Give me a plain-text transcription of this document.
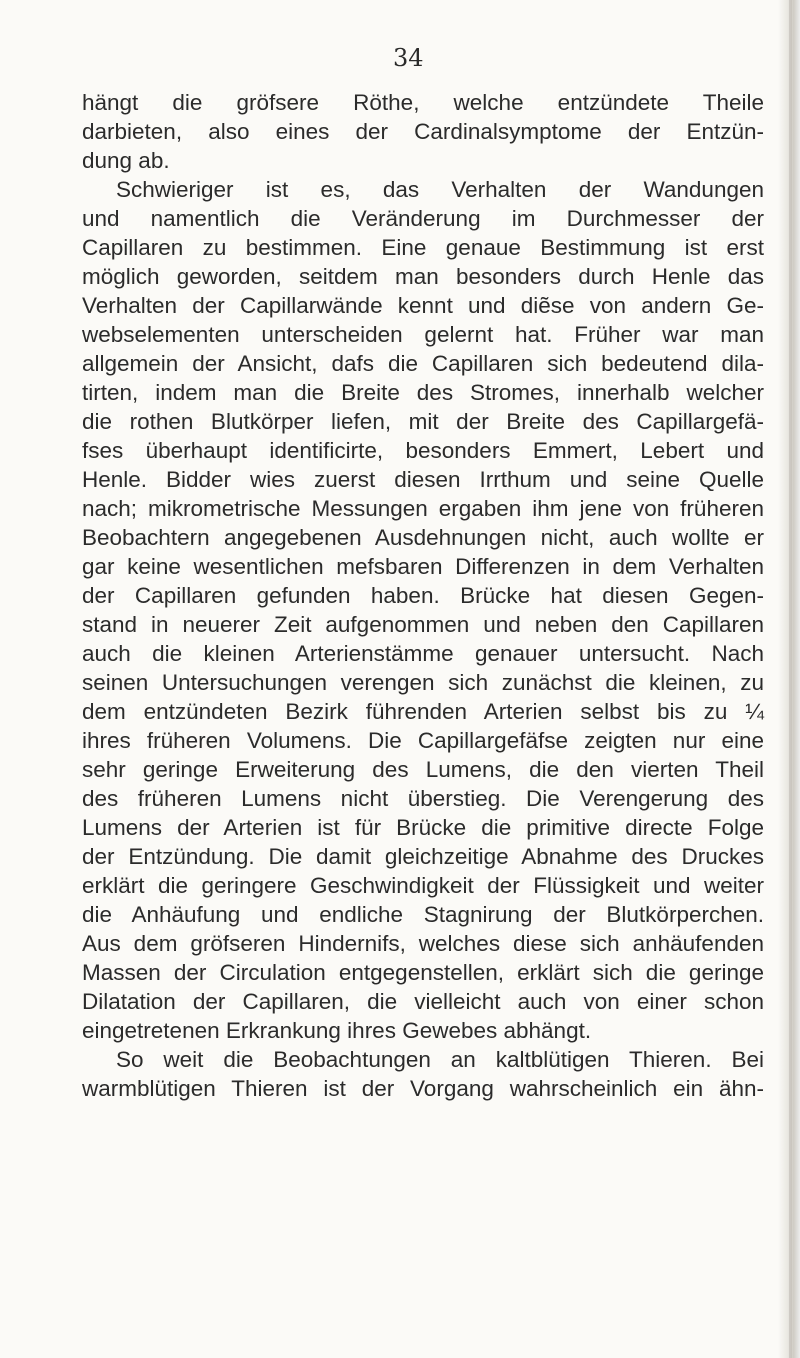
34
hängt die gröfsere Röthe, welche entzündete Theile
darbieten, also eines der Cardinalsymptome der Entzün-
dung ab.
Schwieriger ist es, das Verhalten der Wandungen
und namentlich die Veränderung im Durchmesser der
Capillaren zu bestimmen. Eine genaue Bestimmung ist erst
möglich geworden, seitdem man besonders durch Henle das
Verhalten der Capillarwände kennt und diẽse von andern Ge-
webselementen unterscheiden gelernt hat. Früher war man
allgemein der Ansicht, dafs die Capillaren sich bedeutend dila-
tirten, indem man die Breite des Stromes, innerhalb welcher
die rothen Blutkörper liefen, mit der Breite des Capillargefä-
fses überhaupt identificirte, besonders Emmert, Lebert und
Henle. Bidder wies zuerst diesen Irrthum und seine Quelle
nach; mikrometrische Messungen ergaben ihm jene von früheren
Beobachtern angegebenen Ausdehnungen nicht, auch wollte er
gar keine wesentlichen mefsbaren Differenzen in dem Verhalten
der Capillaren gefunden haben. Brücke hat diesen Gegen-
stand in neuerer Zeit aufgenommen und neben den Capillaren
auch die kleinen Arterienstämme genauer untersucht. Nach
seinen Untersuchungen verengen sich zunächst die kleinen, zu
dem entzündeten Bezirk führenden Arterien selbst bis zu ¼
ihres früheren Volumens. Die Capillargefäfse zeigten nur eine
sehr geringe Erweiterung des Lumens, die den vierten Theil
des früheren Lumens nicht überstieg. Die Verengerung des
Lumens der Arterien ist für Brücke die primitive directe Folge
der Entzündung. Die damit gleichzeitige Abnahme des Druckes
erklärt die geringere Geschwindigkeit der Flüssigkeit und weiter
die Anhäufung und endliche Stagnirung der Blutkörperchen.
Aus dem gröfseren Hindernifs, welches diese sich anhäufenden
Massen der Circulation entgegenstellen, erklärt sich die geringe
Dilatation der Capillaren, die vielleicht auch von einer schon
eingetretenen Erkrankung ihres Gewebes abhängt.
So weit die Beobachtungen an kaltblütigen Thieren. Bei
warmblütigen Thieren ist der Vorgang wahrscheinlich ein ähn-
